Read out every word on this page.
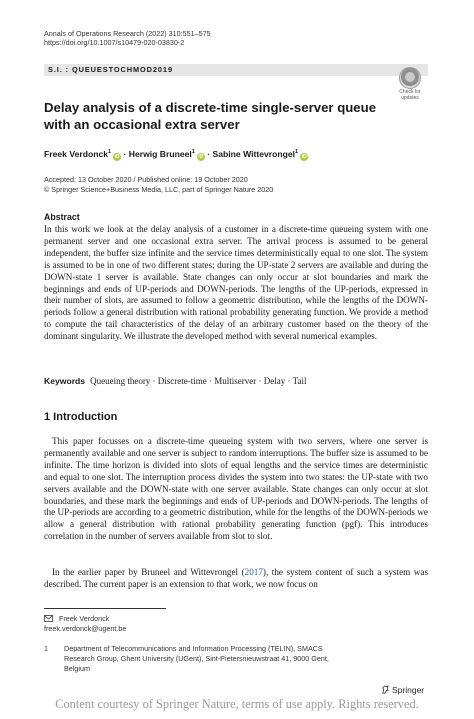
Annals of Operations Research (2022) 310:551–575
https://doi.org/10.1007/s10479-020-03830-2
S.I. : QUEUESTOCHMOD2019
Check for
updates
Delay analysis of a discrete-time single-server queue with an occasional extra server
Freek Verdonck$^1$iD · Herwig Bruneel$^1$iD · Sabine Wittevrongel$^1$iD
Accepted: 13 October 2020 / Published online: 19 October 2020
© Springer Science+Business Media, LLC, part of Springer Nature 2020
Abstract

In this work we look at the delay analysis of a customer in a discrete-time queueing system with one permanent server and one occasional extra server. The arrival process is assumed to be general independent, the buffer size infinite and the service times deterministically equal to one slot. The system is assumed to be in one of two different states; during the UP-state 2 servers are available and during the DOWN-state 1 server is available. State changes can only occur at slot boundaries and mark the beginnings and ends of UP-periods and DOWN-periods. The lengths of the UP-periods, expressed in their number of slots, are assumed to follow a geometric distribution, while the lengths of the DOWN-periods follow a general distribution with rational probability generating function. We provide a method to compute the tail characteristics of the delay of an arbitrary customer based on the theory of the dominant singularity. We illustrate the developed method with several numerical examples.

Keywords Queueing theory · Discrete-time · Multiserver · Delay · Tail
1 Introduction

This paper focusses on a discrete-time queueing system with two servers, where one server is permanently available and one server is subject to random interruptions. The buffer size is assumed to be infinite. The time horizon is divided into slots of equal lengths and the service times are deterministic and equal to one slot. The interruption process divides the system into two states: the UP-state with two servers available and the DOWN-state with one server available. State changes can only occur at slot boundaries, and these mark the beginnings and ends of UP-periods and DOWN-periods. The lengths of the UP-periods are according to a geometric distribution, while for the lengths of the DOWN-periods we allow a general distribution with rational probability generating function (pgf). This introduces correlation in the number of servers available from slot to slot.

In the earlier paper by Bruneel and Wittevrongel (2017), the system content of such a system was described. The current paper is an extension to that work, we now focus on

Freek Verdonck
freek.verdonck@ugent.be
1 Department of Telecommunications and Information Processing (TELIN), SMACS Research Group, Ghent University (UGent), Sint-Pietersnieuwstraat 41, 9000 Gent, Belgium
Springer
Content courtesy of Springer Nature, terms of use apply. Rights reserved.
